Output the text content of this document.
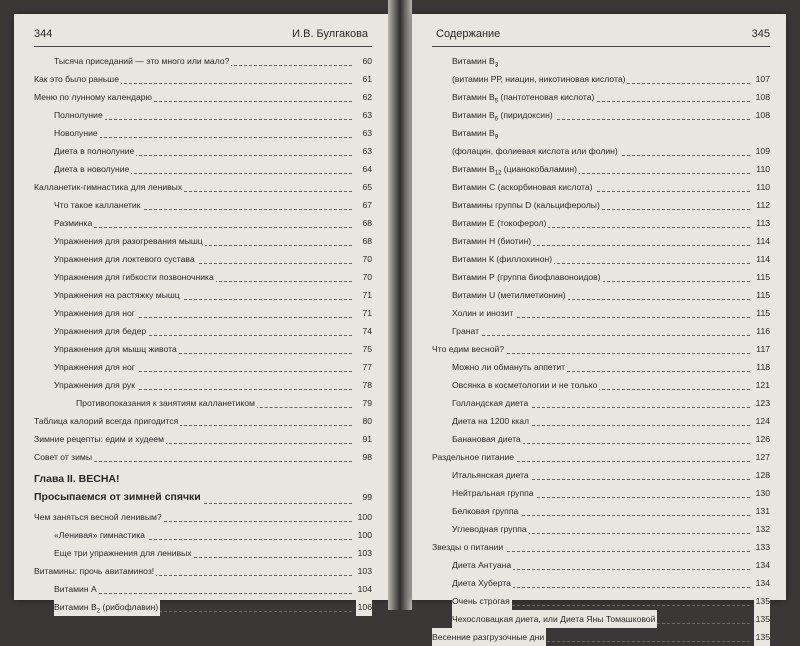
344	И.В. Булгакова
Тысяча приседаний — это много или мало?	60
Как это было раньше	61
Меню по лунному календарю	62
Полнолуние	63
Новолуние	63
Диета в полнолуние	63
Диета в новолуние	64
Калланетик-гимнастика для ленивых	65
Что такое калланетик	67
Разминка	68
Упражнения для разогревания мышц	68
Упражнения для локтевого сустава	70
Упражнения для гибкости позвоночника	70
Упражнения на растяжку мышц	71
Упражнения для ног	71
Упражнения для бедер	74
Упражнения для мышц живота	75
Упражнения для ног	77
Упражнения для рук	78
Противопоказания к занятиям калланетиком	79
Таблица калорий всегда пригодится	80
Зимние рецепты: едим и худеем	91
Совет от зимы	98
Глава II. ВЕСНА!
Просыпаемся от зимней спячки	99
Чем заняться весной ленивым?	100
«Ленивая» гимнастика	100
Еще три упражнения для ленивых	103
Витамины: прочь авитаминоз!	103
Витамин А	104
Витамин $В_2$ (рибофлавин)	106
Содержание	345
Витамин $В_3$
(витамин РР, ниацин, никотиновая кислота)	107
Витамин $В_5$ (пантотеновая кислота)	108
Витамин $В_6$ (пиридоксин)	108
Витамин $В_9$
(фолацин, фолиевая кислота или фолин)	109
Витамин $В_{12}$ (цианокобаламин)	110
Витамин С (аскорбиновая кислота)	110
Витамины группы D (кальциферолы)	112
Витамин Е (токоферол)	113
Витамин Н (биотин)	114
Витамин К (филлохинон)	114
Витамин Р (группа биофлавоноидов)	115
Витамин U (метилметионин)	115
Холин и инозит	115
Гранат	116
Что едим весной?	117
Можно ли обмануть аппетит	118
Овсянка в косметологии и не только	121
Голландская диета	123
Диета на 1200 ккал	124
Банановая диета	126
Раздельное питание	127
Итальянская диета	128
Нейтральная группа	130
Белковая группа	131
Углеводная группа	132
Звезды о питании	133
Диета Антуана	134
Диета Хуберта	134
Очень строгая	135
Чехословацкая диета, или Диета Яны Томашковой	135
Весенние разгрузочные дни	135
